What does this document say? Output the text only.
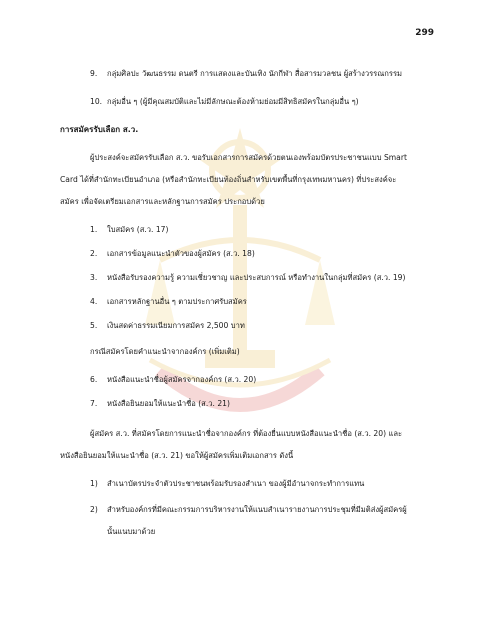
299
9. กลุ่มศิลปะ วัฒนธรรม ดนตรี การแสดงและบันเทิง นักกีฬา สื่อสารมวลชน ผู้สร้างวรรณกรรม
10. กลุ่มอื่น ๆ (ผู้มีคุณสมบัติและไม่มีลักษณะต้องห้ามย่อมมีสิทธิสมัครในกลุ่มอื่น ๆ)
การสมัครรับเลือก ส.ว.
ผู้ประสงค์จะสมัครรับเลือก ส.ว. ขอรับเอกสารการสมัครด้วยตนเองพร้อมบัตรประชาชนแบบ Smart
Card ได้ที่สำนักทะเบียนอำเภอ (หรือสำนักทะเบียนท้องถิ่นสำหรับเขตพื้นที่กรุงเทพมหานคร) ที่ประสงค์จะ
สมัคร เพื่อจัดเตรียมเอกสารและหลักฐานการสมัคร ประกอบด้วย
1. ใบสมัคร (ส.ว. 17)
2. เอกสารข้อมูลแนะนำตัวของผู้สมัคร (ส.ว. 18)
3. หนังสือรับรองความรู้ ความเชี่ยวชาญ และประสบการณ์ หรือทำงานในกลุ่มที่สมัคร (ส.ว. 19)
4. เอกสารหลักฐานอื่น ๆ ตามประกาศรับสมัคร
5. เงินสดค่าธรรมเนียมการสมัคร 2,500 บาท
กรณีสมัครโดยคำแนะนำจากองค์กร (เพิ่มเติม)
6. หนังสือแนะนำชื่อผู้สมัครจากองค์กร (ส.ว. 20)
7. หนังสือยินยอมให้แนะนำชื่อ (ส.ว. 21)
ผู้สมัคร ส.ว. ที่สมัครโดยการแนะนำชื่อจากองค์กร ที่ต้องยื่นแบบหนังสือแนะนำชื่อ (ส.ว. 20) และ
หนังสือยินยอมให้แนะนำชื่อ (ส.ว. 21) ขอให้ผู้สมัครเพิ่มเติมเอกสาร ดังนี้
1) สำเนาบัตรประจำตัวประชาชนพร้อมรับรองสำเนา ของผู้มีอำนาจกระทำการแทน
2) สำหรับองค์กรที่มีคณะกรรมการบริหารงานให้แนบสำเนารายงานการประชุมที่มีมติส่งผู้สมัครผู้
นั้นแนบมาด้วย
